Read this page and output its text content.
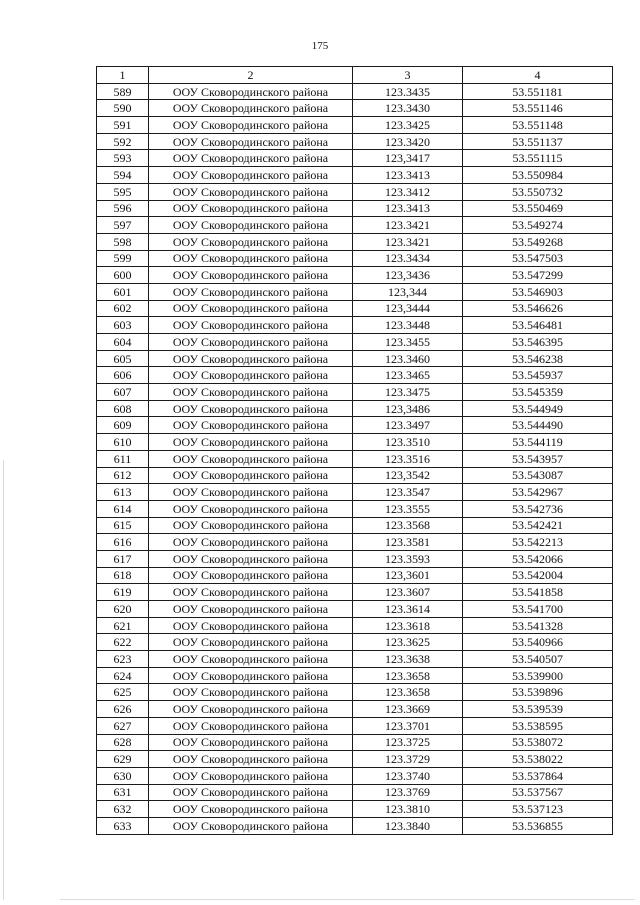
175
1	2	3	4
589	ООУ Сковородинского района	123.3435	53.551181
590	ООУ Сковородинского района	123.3430	53.551146
591	ООУ Сковородинского района	123.3425	53.551148
592	ООУ Сковородинского района	123.3420	53.551137
593	ООУ Сковородинского района	123,3417	53.551115
594	ООУ Сковородинского района	123.3413	53.550984
595	ООУ Сковородинского района	123.3412	53.550732
596	ООУ Сковородинского района	123.3413	53.550469
597	ООУ Сковородинского района	123.3421	53.549274
598	ООУ Сковородинского района	123.3421	53.549268
599	ООУ Сковородинского района	123.3434	53.547503
600	ООУ Сковородинского района	123,3436	53.547299
601	ООУ Сковородинского района	123,344	53.546903
602	ООУ Сковородинского района	123,3444	53.546626
603	ООУ Сковородинского района	123.3448	53.546481
604	ООУ Сковородинского района	123.3455	53.546395
605	ООУ Сковородинского района	123.3460	53.546238
606	ООУ Сковородинского района	123.3465	53.545937
607	ООУ Сковородинского района	123.3475	53.545359
608	ООУ Сковородинского района	123,3486	53.544949
609	ООУ Сковородинского района	123.3497	53.544490
610	ООУ Сковородинского района	123.3510	53.544119
611	ООУ Сковородинского района	123.3516	53.543957
612	ООУ Сковородинского района	123,3542	53.543087
613	ООУ Сковородинского района	123.3547	53.542967
614	ООУ Сковородинского района	123.3555	53.542736
615	ООУ Сковородинского района	123.3568	53.542421
616	ООУ Сковородинского района	123.3581	53.542213
617	ООУ Сковородинского района	123.3593	53.542066
618	ООУ Сковородинского района	123,3601	53.542004
619	ООУ Сковородинского района	123.3607	53.541858
620	ООУ Сковородинского района	123.3614	53.541700
621	ООУ Сковородинского района	123.3618	53.541328
622	ООУ Сковородинского района	123.3625	53.540966
623	ООУ Сковородинского района	123.3638	53.540507
624	ООУ Сковородинского района	123.3658	53.539900
625	ООУ Сковородинского района	123.3658	53.539896
626	ООУ Сковородинского района	123.3669	53.539539
627	ООУ Сковородинского района	123.3701	53.538595
628	ООУ Сковородинского района	123.3725	53.538072
629	ООУ Сковородинского района	123.3729	53.538022
630	ООУ Сковородинского района	123.3740	53.537864
631	ООУ Сковородинского района	123.3769	53.537567
632	ООУ Сковородинского района	123.3810	53.537123
633	ООУ Сковородинского района	123.3840	53.536855
